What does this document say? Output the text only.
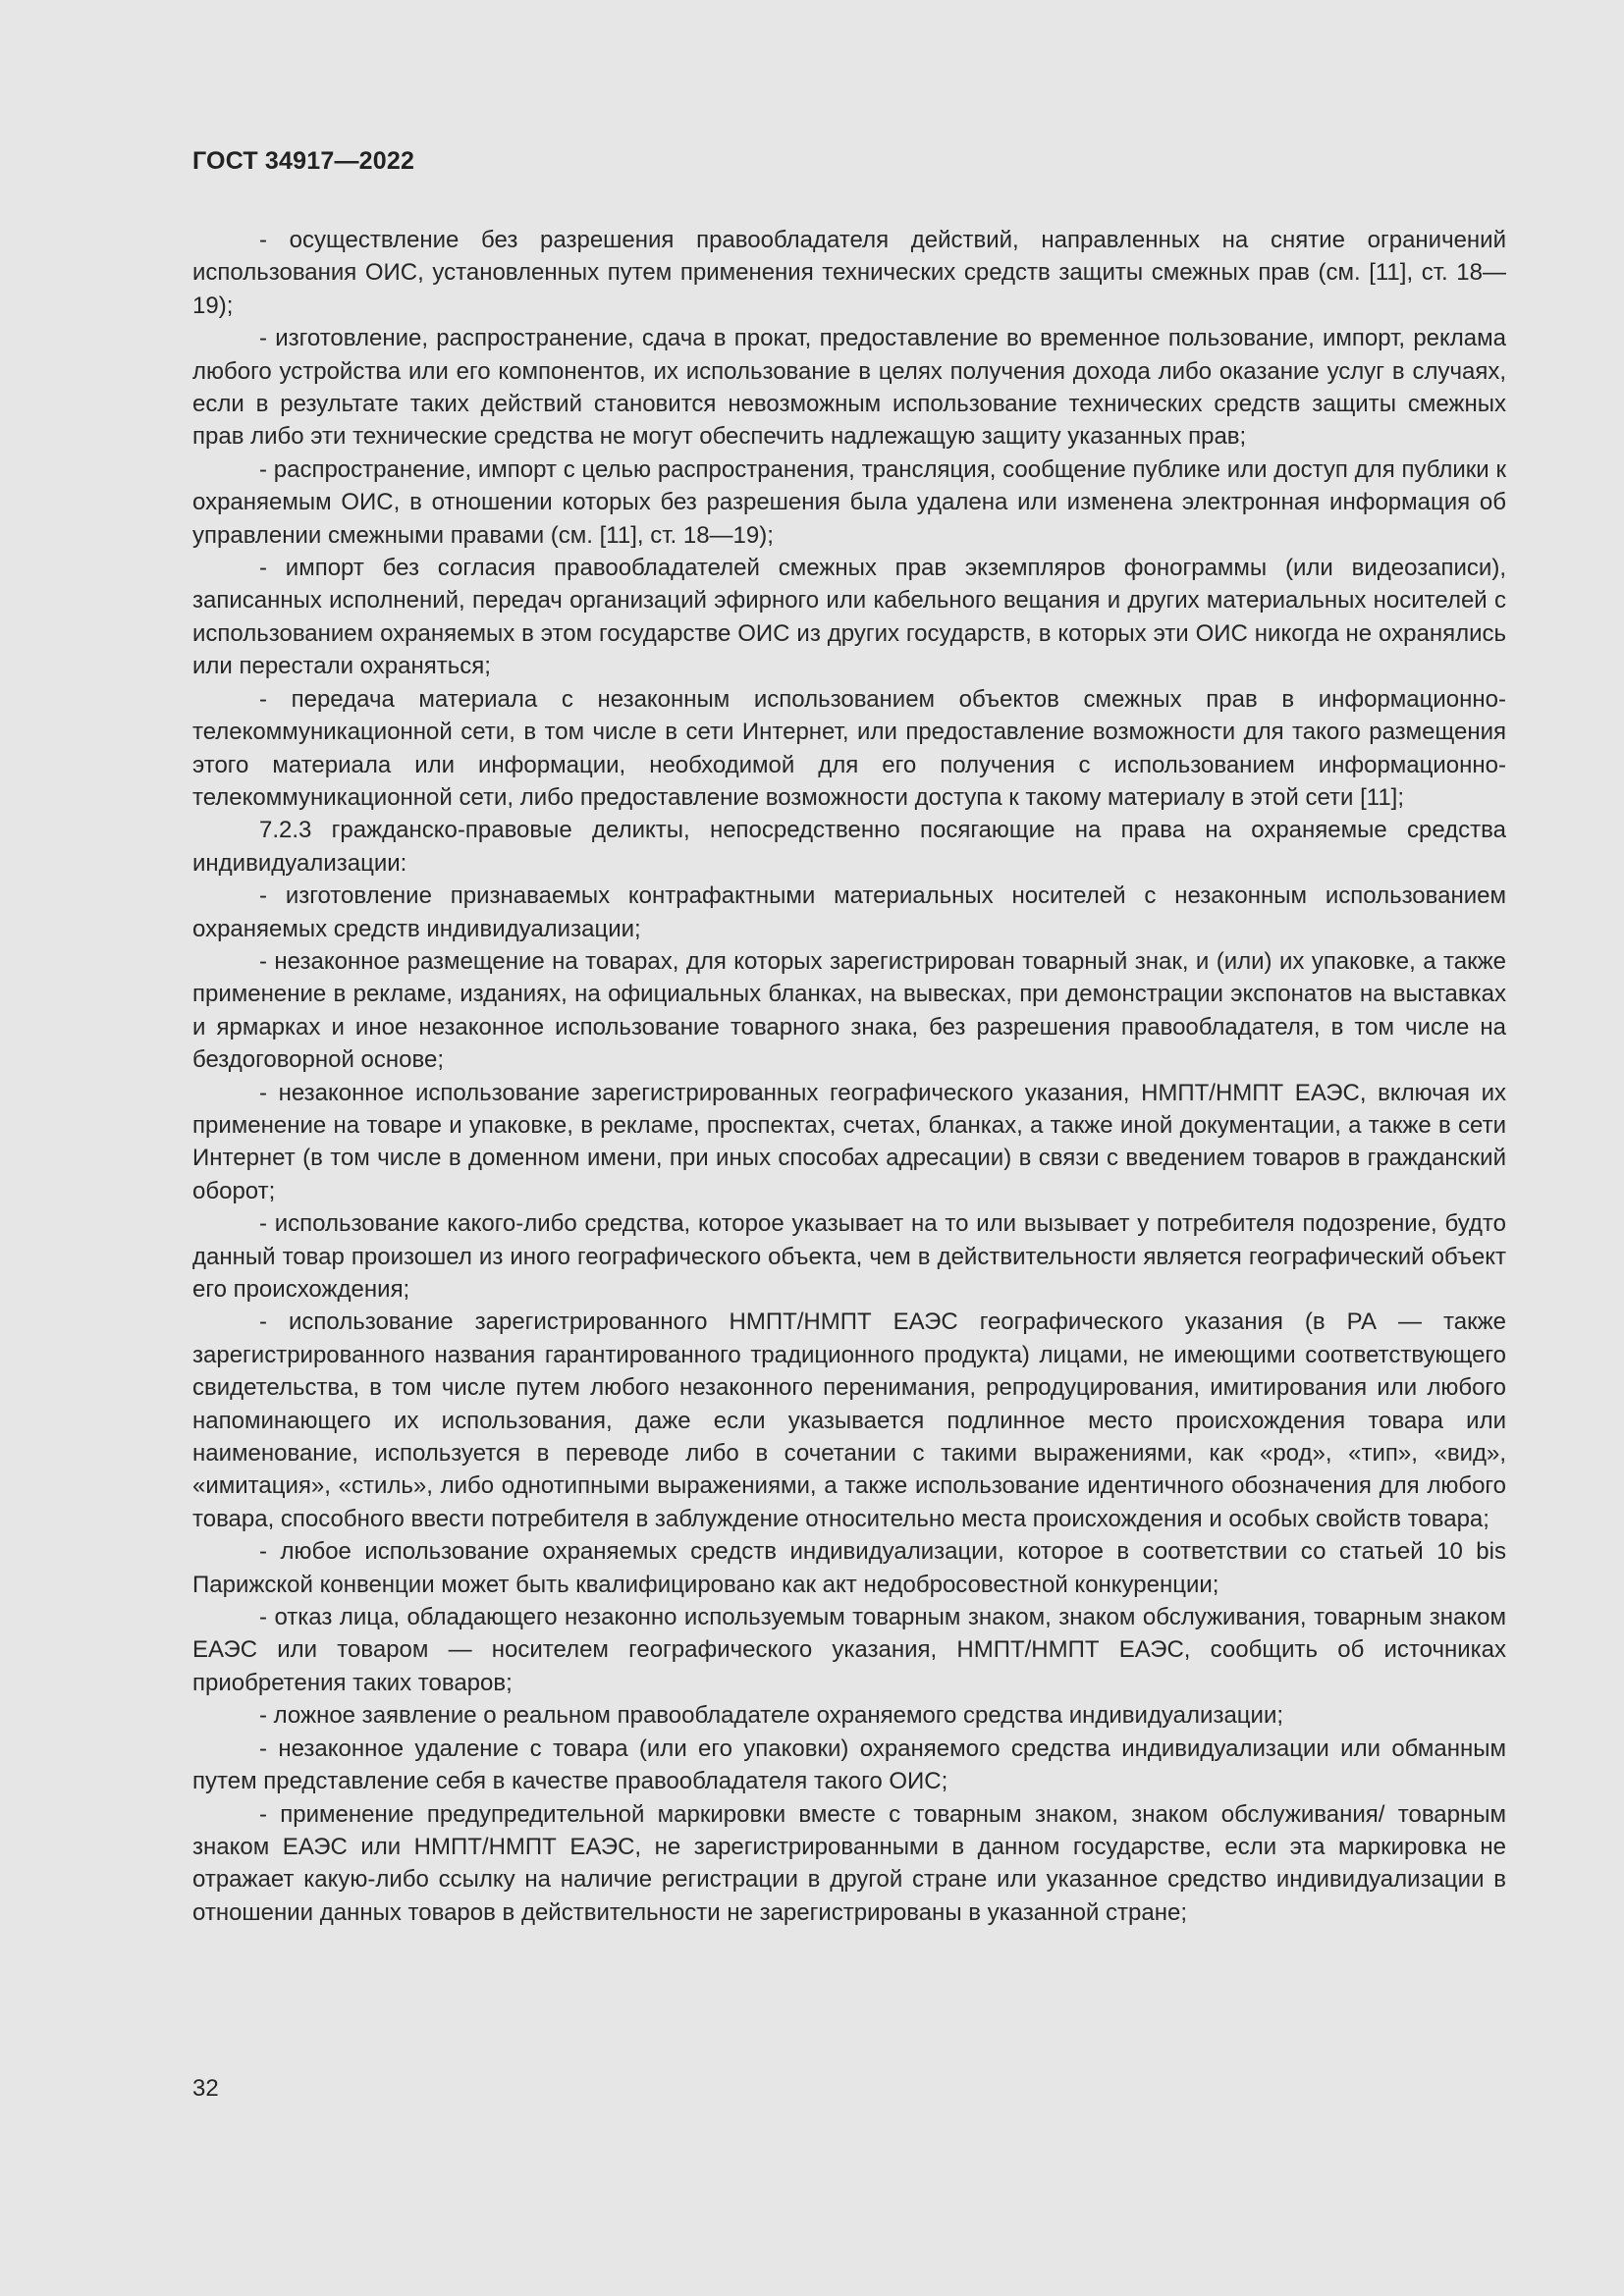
ГОСТ 34917—2022

- осуществление без разрешения правообладателя действий, направленных на снятие ограничений использования ОИС, установленных путем применения технических средств защиты смежных прав (см. [11], ст. 18—19);

- изготовление, распространение, сдача в прокат, предоставление во временное пользование, импорт, реклама любого устройства или его компонентов, их использование в целях получения дохода либо оказание услуг в случаях, если в результате таких действий становится невозможным использование технических средств защиты смежных прав либо эти технические средства не могут обеспечить надлежащую защиту указанных прав;

- распространение, импорт с целью распространения, трансляция, сообщение публике или доступ для публики к охраняемым ОИС, в отношении которых без разрешения была удалена или изменена электронная информация об управлении смежными правами (см. [11], ст. 18—19);

- импорт без согласия правообладателей смежных прав экземпляров фонограммы (или видеозаписи), записанных исполнений, передач организаций эфирного или кабельного вещания и других материальных носителей с использованием охраняемых в этом государстве ОИС из других государств, в которых эти ОИС никогда не охранялись или перестали охраняться;

- передача материала с незаконным использованием объектов смежных прав в информационно-телекоммуникационной сети, в том числе в сети Интернет, или предоставление возможности для такого размещения этого материала или информации, необходимой для его получения с использованием информационно-телекоммуникационной сети, либо предоставление возможности доступа к такому материалу в этой сети [11];

7.2.3 гражданско-правовые деликты, непосредственно посягающие на права на охраняемые средства индивидуализации:

- изготовление признаваемых контрафактными материальных носителей с незаконным использованием охраняемых средств индивидуализации;

- незаконное размещение на товарах, для которых зарегистрирован товарный знак, и (или) их упаковке, а также применение в рекламе, изданиях, на официальных бланках, на вывесках, при демонстрации экспонатов на выставках и ярмарках и иное незаконное использование товарного знака, без разрешения правообладателя, в том числе на бездоговорной основе;

- незаконное использование зарегистрированных географического указания, НМПТ/НМПТ ЕАЭС, включая их применение на товаре и упаковке, в рекламе, проспектах, счетах, бланках, а также иной документации, а также в сети Интернет (в том числе в доменном имени, при иных способах адресации) в связи с введением товаров в гражданский оборот;

- использование какого-либо средства, которое указывает на то или вызывает у потребителя подозрение, будто данный товар произошел из иного географического объекта, чем в действительности является географический объект его происхождения;

- использование зарегистрированного НМПТ/НМПТ ЕАЭС географического указания (в РА — также зарегистрированного названия гарантированного традиционного продукта) лицами, не имеющими соответствующего свидетельства, в том числе путем любого незаконного перенимания, репродуцирования, имитирования или любого напоминающего их использования, даже если указывается подлинное место происхождения товара или наименование, используется в переводе либо в сочетании с такими выражениями, как «род», «тип», «вид», «имитация», «стиль», либо однотипными выражениями, а также использование идентичного обозначения для любого товара, способного ввести потребителя в заблуждение относительно места происхождения и особых свойств товара;

- любое использование охраняемых средств индивидуализации, которое в соответствии со статьей 10 bis Парижской конвенции может быть квалифицировано как акт недобросовестной конкуренции;

- отказ лица, обладающего незаконно используемым товарным знаком, знаком обслуживания, товарным знаком ЕАЭС или товаром — носителем географического указания, НМПТ/НМПТ ЕАЭС, сообщить об источниках приобретения таких товаров;

- ложное заявление о реальном правообладателе охраняемого средства индивидуализации;

- незаконное удаление с товара (или его упаковки) охраняемого средства индивидуализации или обманным путем представление себя в качестве правообладателя такого ОИС;

- применение предупредительной маркировки вместе с товарным знаком, знаком обслуживания/ товарным знаком ЕАЭС или НМПТ/НМПТ ЕАЭС, не зарегистрированными в данном государстве, если эта маркировка не отражает какую-либо ссылку на наличие регистрации в другой стране или указанное средство индивидуализации в отношении данных товаров в действительности не зарегистрированы в указанной стране;

32
